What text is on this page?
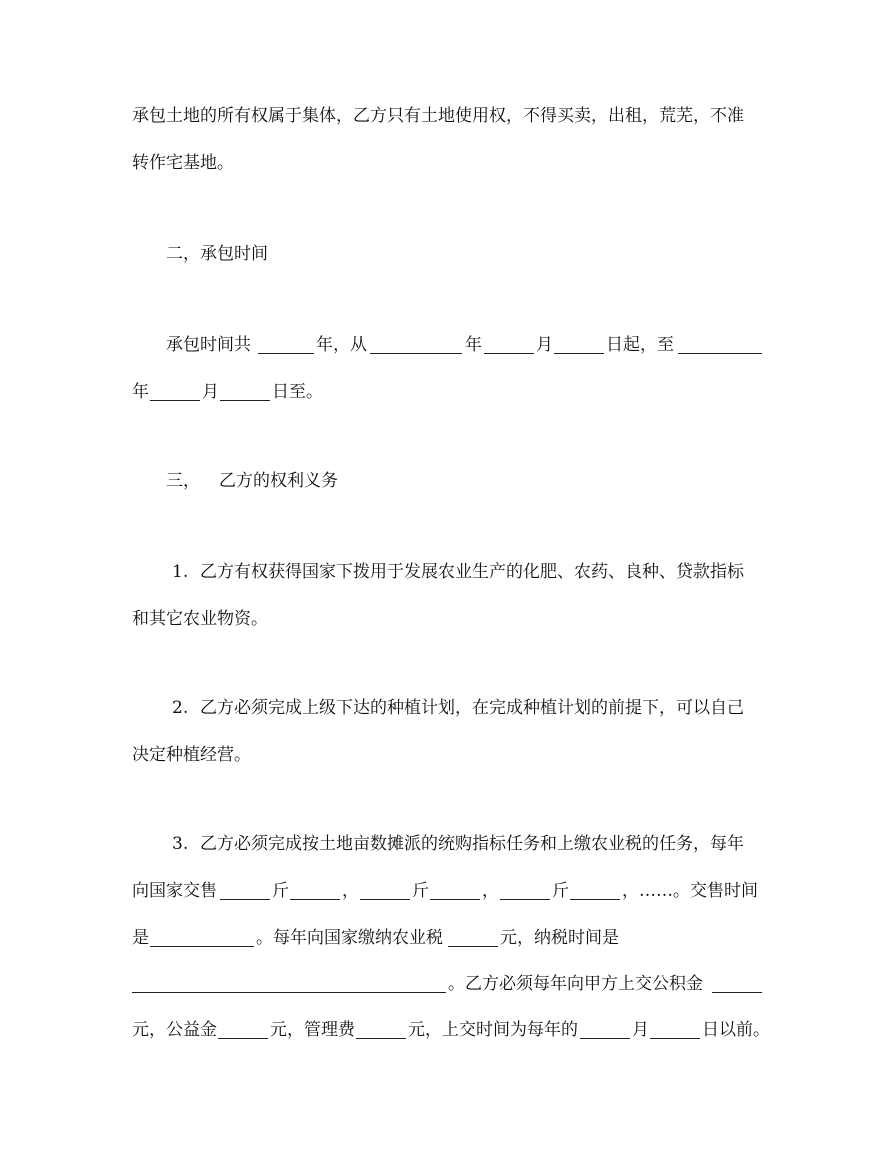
承包土地的所有权属于集体，乙方只有土地使用权，不得买卖，出租，荒芜，不准
转作宅基地。
二，承包时间
承包时间共	年，从	年	月	日起，至
年	月	日至。
三， 乙方的权利义务
1. 乙方有权获得国家下拨用于发展农业生产的化肥、农药、良种、贷款指标
和其它农业物资。
2. 乙方必须完成上级下达的种植计划，在完成种植计划的前提下，可以自己
决定种植经营。
3. 乙方必须完成按土地亩数摊派的统购指标任务和上缴农业税的任务，每年
向国家交售	斤	，	斤	，	斤	，……。交售时间
是	。每年向国家缴纳农业税	元，纳税时间是
。乙方必须每年向甲方上交公积金
元，公益金	元，管理费	元，上交时间为每年的	月	日以前。
